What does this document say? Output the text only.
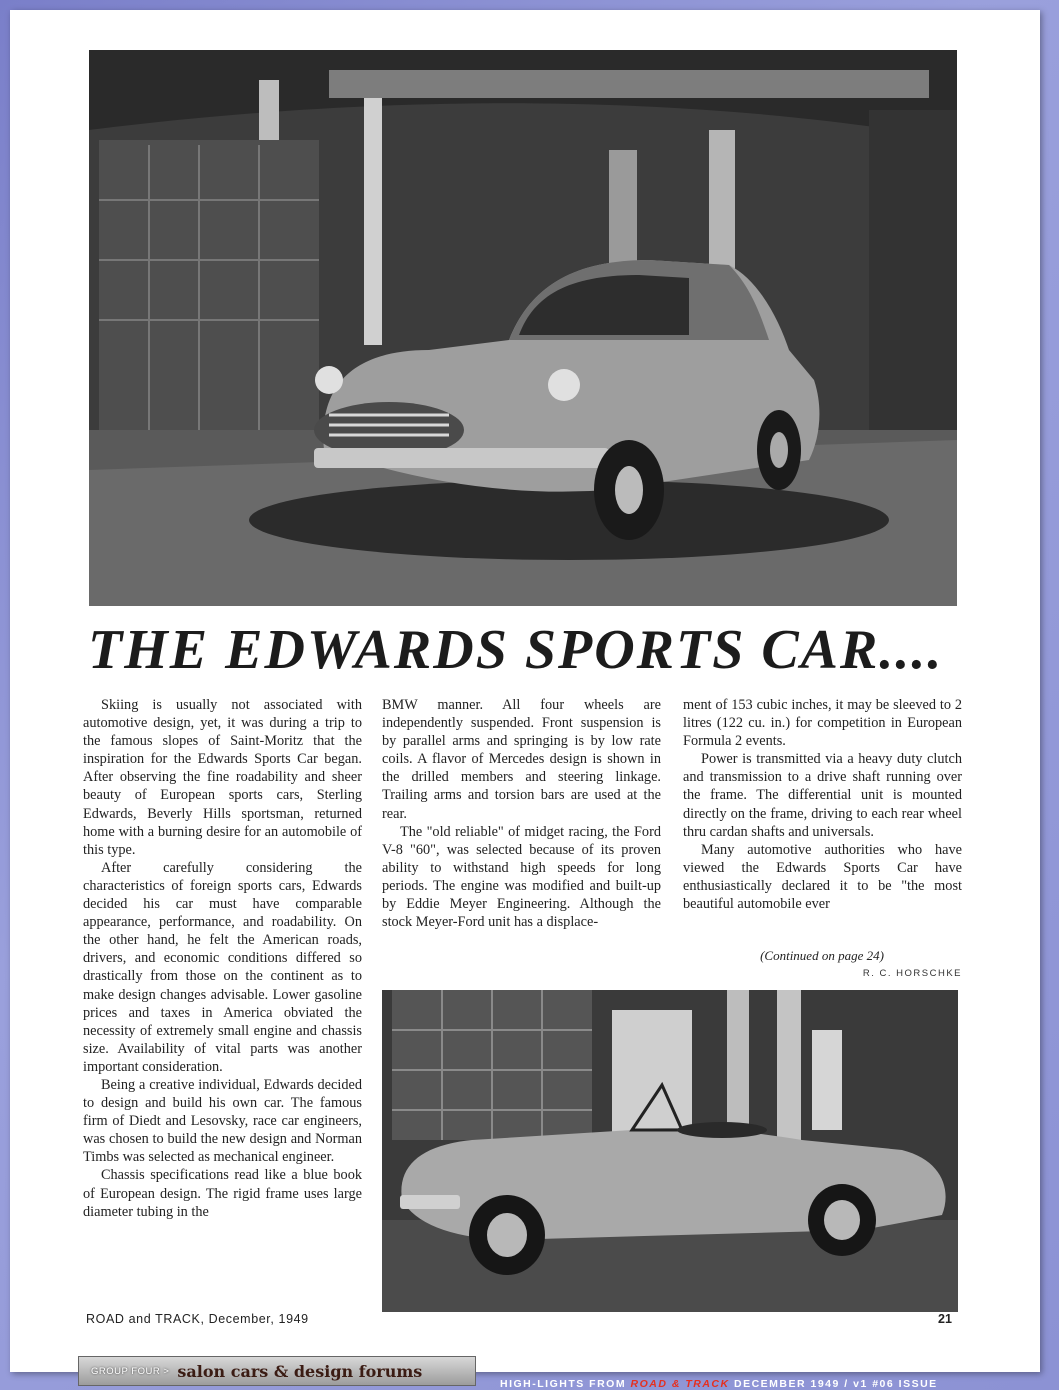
THE EDWARDS SPORTS CAR....

Skiing is usually not associated with automotive design, yet, it was during a trip to the famous slopes of Saint-Moritz that the inspiration for the Edwards Sports Car began. After observing the fine roadability and sheer beauty of European sports cars, Sterling Edwards, Beverly Hills sportsman, returned home with a burning desire for an automobile of this type.

After carefully considering the characteristics of foreign sports cars, Edwards decided his car must have comparable appearance, performance, and roadability. On the other hand, he felt the American roads, drivers, and economic conditions differed so drastically from those on the continent as to make design changes advisable. Lower gasoline prices and taxes in America obviated the necessity of extremely small engine and chassis size. Availability of vital parts was another important consideration.

Being a creative individual, Edwards decided to design and build his own car. The famous firm of Diedt and Lesovsky, race car engineers, was chosen to build the new design and Norman Timbs was selected as mechanical engineer.

Chassis specifications read like a blue book of European design. The rigid frame uses large diameter tubing in the

BMW manner. All four wheels are independently suspended. Front suspension is by parallel arms and springing is by low rate coils. A flavor of Mercedes design is shown in the drilled members and steering linkage. Trailing arms and torsion bars are used at the rear.

The "old reliable" of midget racing, the Ford V-8 "60", was selected because of its proven ability to withstand high speeds for long periods. The engine was modified and built-up by Eddie Meyer Engineering. Although the stock Meyer-Ford unit has a displace-

ment of 153 cubic inches, it may be sleeved to 2 litres (122 cu. in.) for competition in European Formula 2 events.

Power is transmitted via a heavy duty clutch and transmission to a drive shaft running over the frame. The differential unit is mounted directly on the frame, driving to each rear wheel thru cardan shafts and universals.

Many automotive authorities who have viewed the Edwards Sports Car have enthusiastically declared it to be "the most beautiful automobile ever

(Continued on page 24)

R. C. HORSCHKE

ROAD and TRACK, December, 1949	21

GROUP FOUR > salon cars & design forums
HIGH-LIGHTS FROM ROAD & TRACK DECEMBER 1949 / v1 #06 ISSUE
